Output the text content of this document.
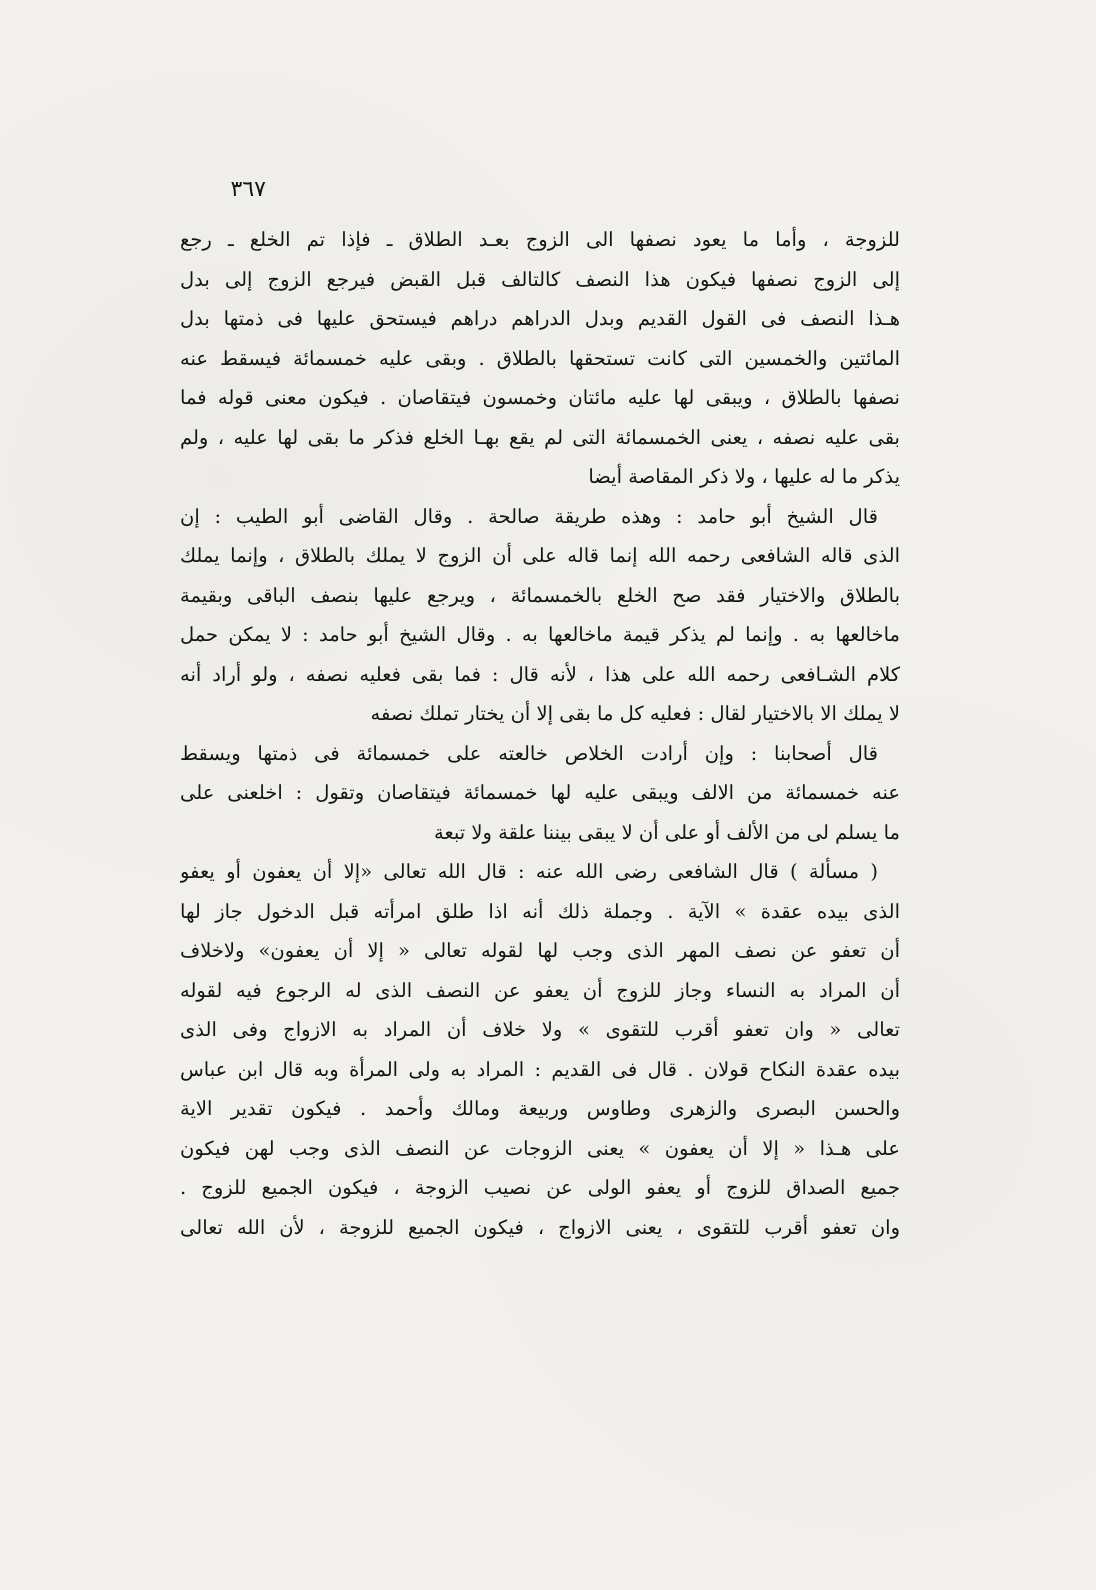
٣٦٧
للزوجة ، وأما ما يعود نصفها الى الزوج بعـد الطلاق ـ فإذا تم الخلع ـ رجع
إلى الزوج نصفها فيكون هذا النصف كالتالف قبل القبض فيرجع الزوج إلى بدل
هـذا النصف فى القول القديم وبدل الدراهم دراهم فيستحق عليها فى ذمتها بدل
المائتين والخمسين التى كانت تستحقها بالطلاق . وبقى عليه خمسمائة فيسقط عنه
نصفها بالطلاق ، ويبقى لها عليه مائتان وخمسون فيتقاصان . فيكون معنى قوله فما
بقى عليه نصفه ، يعنى الخمسمائة التى لم يقع بهـا الخلع فذكر ما بقى لها عليه ، ولم
يذكر ما له عليها ، ولا ذكر المقاصة أيضا
قال الشيخ أبو حامد : وهذه طريقة صالحة . وقال القاضى أبو الطيب : إن
الذى قاله الشافعى رحمه الله إنما قاله على أن الزوج لا يملك بالطلاق ، وإنما يملك
بالطلاق والاختيار فقد صح الخلع بالخمسمائة ، ويرجع عليها بنصف الباقى وبقيمة
ماخالعها به . وإنما لم يذكر قيمة ماخالعها به . وقال الشيخ أبو حامد : لا يمكن حمل
كلام الشـافعى رحمه الله على هذا ، لأنه قال : فما بقى فعليه نصفه ، ولو أراد أنه
لا يملك الا بالاختيار لقال : فعليه كل ما بقى إلا أن يختار تملك نصفه
قال أصحابنا : وإن أرادت الخلاص خالعته على خمسمائة فى ذمتها ويسقط
عنه خمسمائة من الالف ويبقى عليه لها خمسمائة فيتقاصان وتقول : اخلعنى على
ما يسلم لى من الألف أو على أن لا يبقى بيننا علقة ولا تبعة
( مسألة ) قال الشافعى رضى الله عنه : قال الله تعالى «إلا أن يعفون أو يعفو
الذى بيده عقدة » الآية . وجملة ذلك أنه اذا طلق امرأته قبل الدخول جاز لها
أن تعفو عن نصف المهر الذى وجب لها لقوله تعالى « إلا أن يعفون» ولاخلاف
أن المراد به النساء وجاز للزوج أن يعفو عن النصف الذى له الرجوع فيه لقوله
تعالى « وان تعفو أقرب للتقوى » ولا خلاف أن المراد به الازواج وفى الذى
بيده عقدة النكاح قولان . قال فى القديم : المراد به ولى المرأة وبه قال ابن عباس
والحسن البصرى والزهرى وطاوس وربيعة ومالك وأحمد . فيكون تقدير الاية
على هـذا « إلا أن يعفون » يعنى الزوجات عن النصف الذى وجب لهن فيكون
جميع الصداق للزوج أو يعفو الولى عن نصيب الزوجة ، فيكون الجميع للزوج .
وان تعفو أقرب للتقوى ، يعنى الازواج ، فيكون الجميع للزوجة ، لأن الله تعالى
